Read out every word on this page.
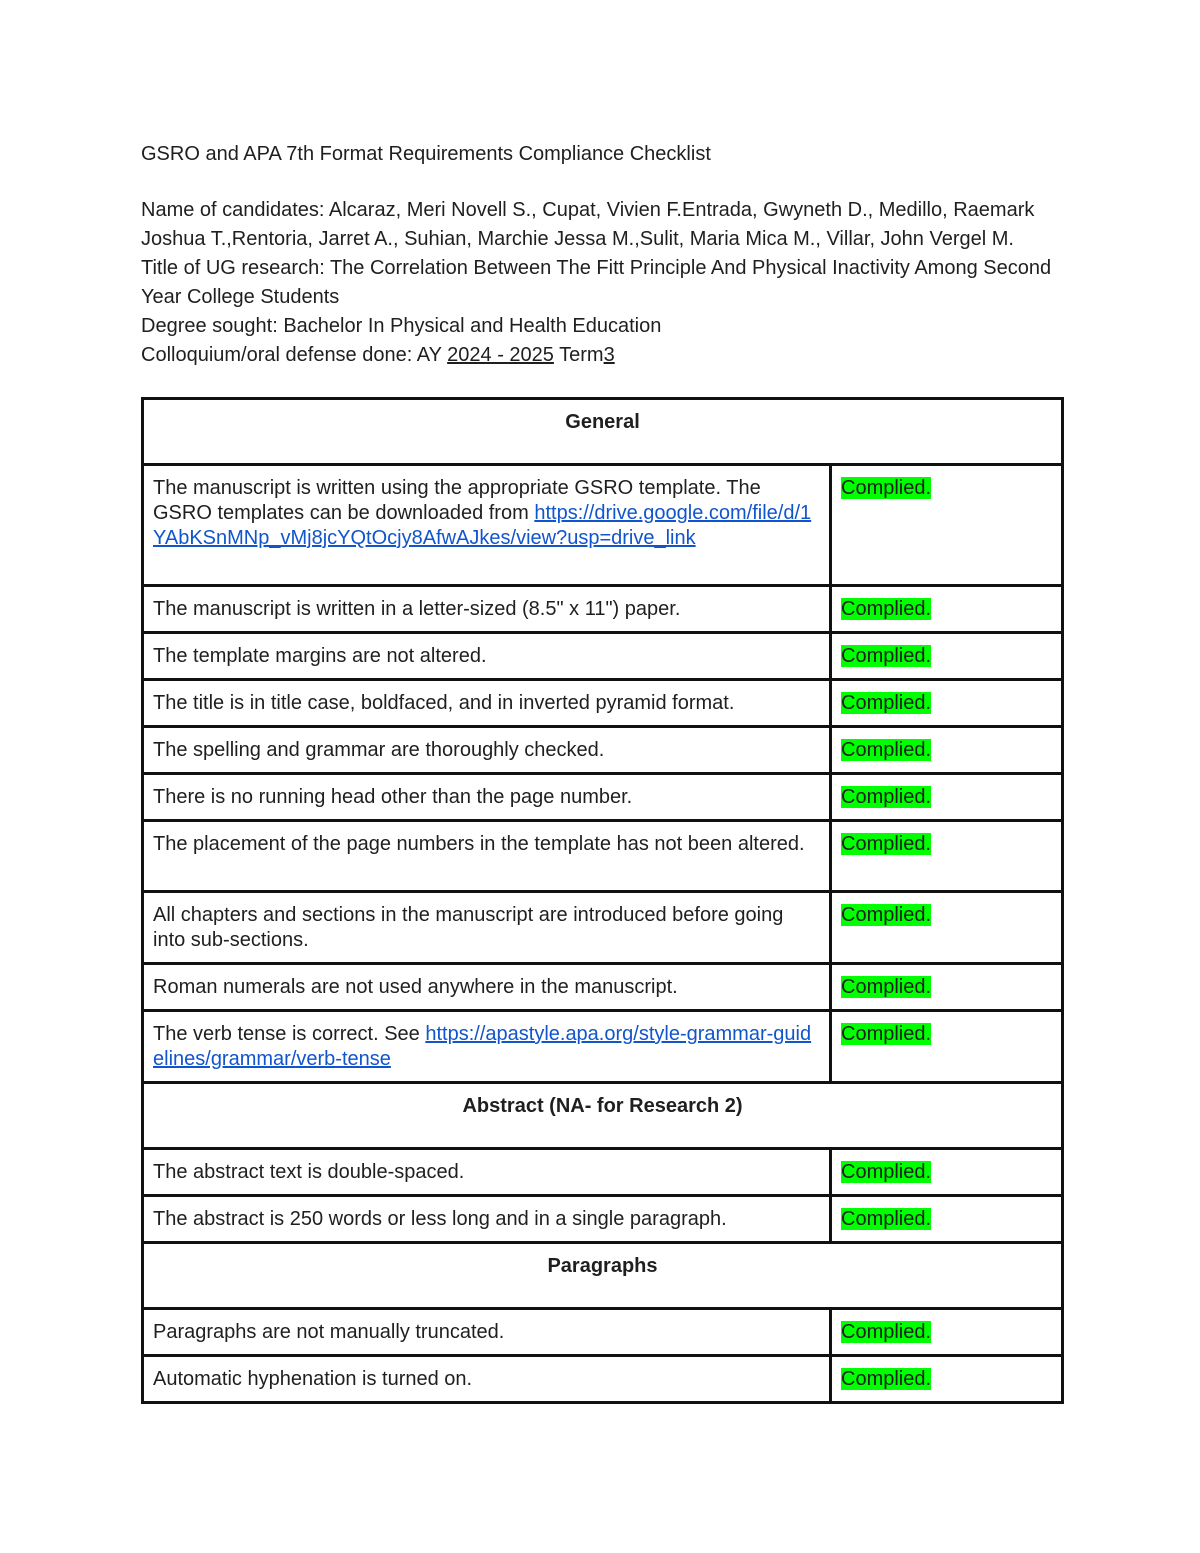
GSRO and APA 7th Format Requirements Compliance Checklist

Name of candidates: Alcaraz, Meri Novell S., Cupat, Vivien F.Entrada, Gwyneth D., Medillo, Raemark Joshua T.,Rentoria, Jarret A., Suhian, Marchie Jessa M.,Sulit, Maria Mica M., Villar, John Vergel M.

Title of UG research: The Correlation Between The Fitt Principle And Physical Inactivity Among Second Year College Students

Degree sought: Bachelor In Physical and Health Education

Colloquium/oral defense done: AY 2024 - 2025 Term3

General	
The manuscript is written using the appropriate GSRO template. The GSRO templates can be downloaded from https://drive.google.com/file/d/1YAbKSnMNp_vMj8jcYQtOcjy8AfwAJkes/view?usp=drive_link	Complied.
The manuscript is written in a letter-sized (8.5" x 11") paper.	Complied.
The template margins are not altered.	Complied.
The title is in title case, boldfaced, and in inverted pyramid format.	Complied.
The spelling and grammar are thoroughly checked.	Complied.
There is no running head other than the page number.	Complied.
The placement of the page numbers in the template has not been altered.	Complied.
All chapters and sections in the manuscript are introduced before going into sub-sections.	Complied.
Roman numerals are not used anywhere in the manuscript.	Complied.
The verb tense is correct. See https://apastyle.apa.org/style-grammar-guidelines/grammar/verb-tense	Complied.
Abstract (NA- for Research 2)	
The abstract text is double-spaced.	Complied.
The abstract is 250 words or less long and in a single paragraph.	Complied.
Paragraphs	
Paragraphs are not manually truncated.	Complied.
Automatic hyphenation is turned on.	Complied.
